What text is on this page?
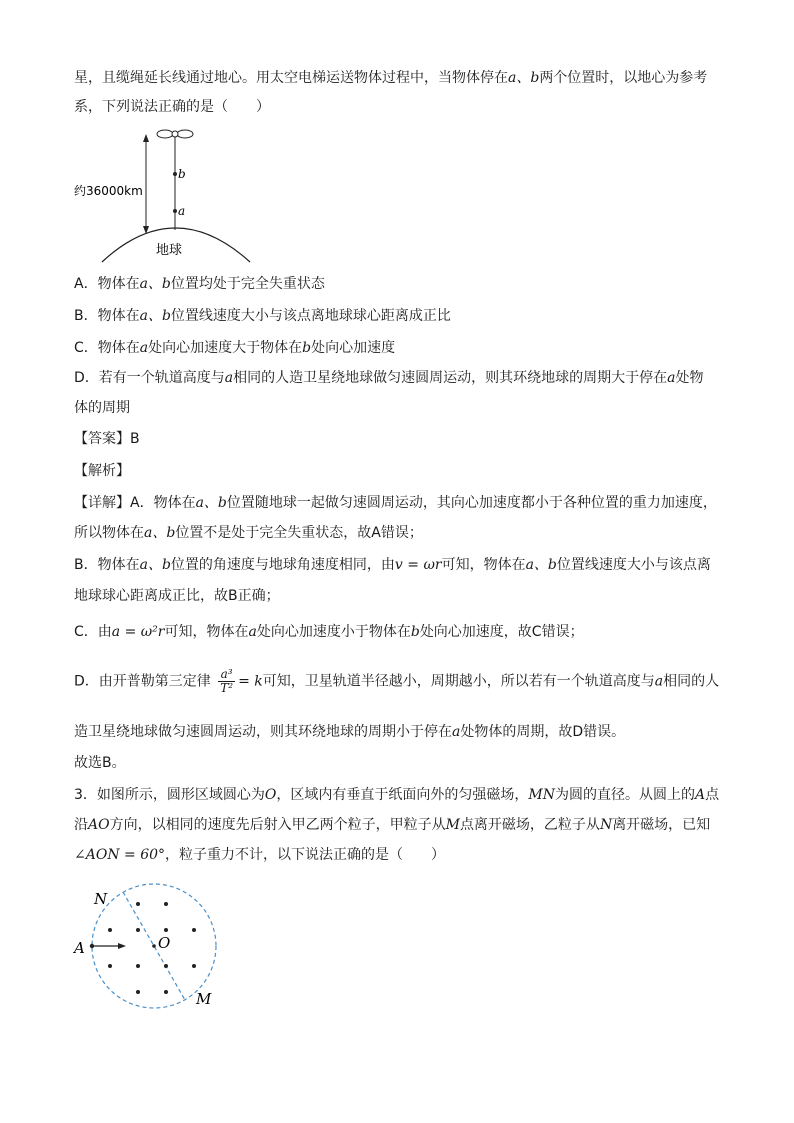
星，且缆绳延长线通过地心。用太空电梯运送物体过程中，当物体停在a、b两个位置时，以地心为参考
系，下列说法正确的是（　　）
b
a
约36000km
地球
A．物体在a、b位置均处于完全失重状态
B．物体在a、b位置线速度大小与该点离地球球心距离成正比
C．物体在a处向心加速度大于物体在b处向心加速度
D．若有一个轨道高度与a相同的人造卫星绕地球做匀速圆周运动，则其环绕地球的周期大于停在a处物
体的周期
【答案】B
【解析】
【详解】A．物体在a、b位置随地球一起做匀速圆周运动，其向心加速度都小于各种位置的重力加速度，
所以物体在a、b位置不是处于完全失重状态，故A错误；
B．物体在a、b位置的角速度与地球角速度相同，由v = ωr可知，物体在a、b位置线速度大小与该点离
地球球心距离成正比，故B正确；
C．由a = ω²r可知，物体在a处向心加速度小于物体在b处向心加速度，故C错误；
D．由开普勒第三定律 $\frac{\text{a³}}{\text{T²}} = k$可知，卫星轨道半径越小，周期越小，所以若有一个轨道高度与a相同的人
造卫星绕地球做匀速圆周运动，则其环绕地球的周期小于停在a处物体的周期，故D错误。
故选B。
3．如图所示，圆形区域圆心为O，区域内有垂直于纸面向外的匀强磁场，MN为圆的直径。从圆上的A点
沿AO方向，以相同的速度先后射入甲乙两个粒子，甲粒子从M点离开磁场，乙粒子从N离开磁场，已知
∠AON = 60°，粒子重力不计，以下说法正确的是（　　）
N
A	O
M
